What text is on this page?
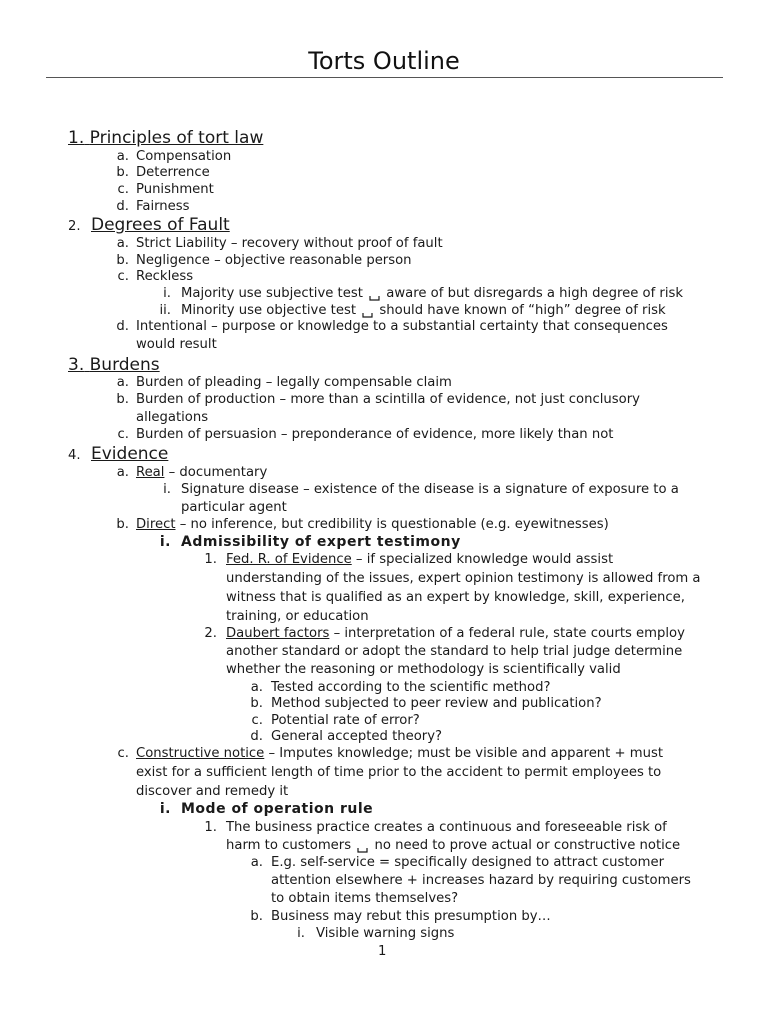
Torts Outline
1. Principles of tort law
a. Compensation
b. Deterrence
c. Punishment
d. Fairness
2. Degrees of Fault
a. Strict Liability – recovery without proof of fault
b. Negligence – objective reasonable person
c. Reckless
i. Majority use subjective test aware of but disregards a high degree of risk
ii. Minority use objective test should have known of “high” degree of risk
d. Intentional – purpose or knowledge to a substantial certainty that consequences
would result
3. Burdens
a. Burden of pleading – legally compensable claim
b. Burden of production – more than a scintilla of evidence, not just conclusory
allegations
c. Burden of persuasion – preponderance of evidence, more likely than not
4. Evidence
a. Real – documentary
i. Signature disease – existence of the disease is a signature of exposure to a
particular agent
b. Direct – no inference, but credibility is questionable (e.g. eyewitnesses)
i. Admissibility of expert testimony
1. Fed. R. of Evidence – if specialized knowledge would assist
understanding of the issues, expert opinion testimony is allowed from a
witness that is qualified as an expert by knowledge, skill, experience,
training, or education
2. Daubert factors – interpretation of a federal rule, state courts employ
another standard or adopt the standard to help trial judge determine
whether the reasoning or methodology is scientifically valid
a. Tested according to the scientific method?
b. Method subjected to peer review and publication?
c. Potential rate of error?
d. General accepted theory?
c. Constructive notice – Imputes knowledge; must be visible and apparent + must
exist for a sufficient length of time prior to the accident to permit employees to
discover and remedy it
i. Mode of operation rule
1. The business practice creates a continuous and foreseeable risk of
harm to customers no need to prove actual or constructive notice
a. E.g. self-service = specifically designed to attract customer
attention elsewhere + increases hazard by requiring customers
to obtain items themselves?
b. Business may rebut this presumption by…
i. Visible warning signs
1
